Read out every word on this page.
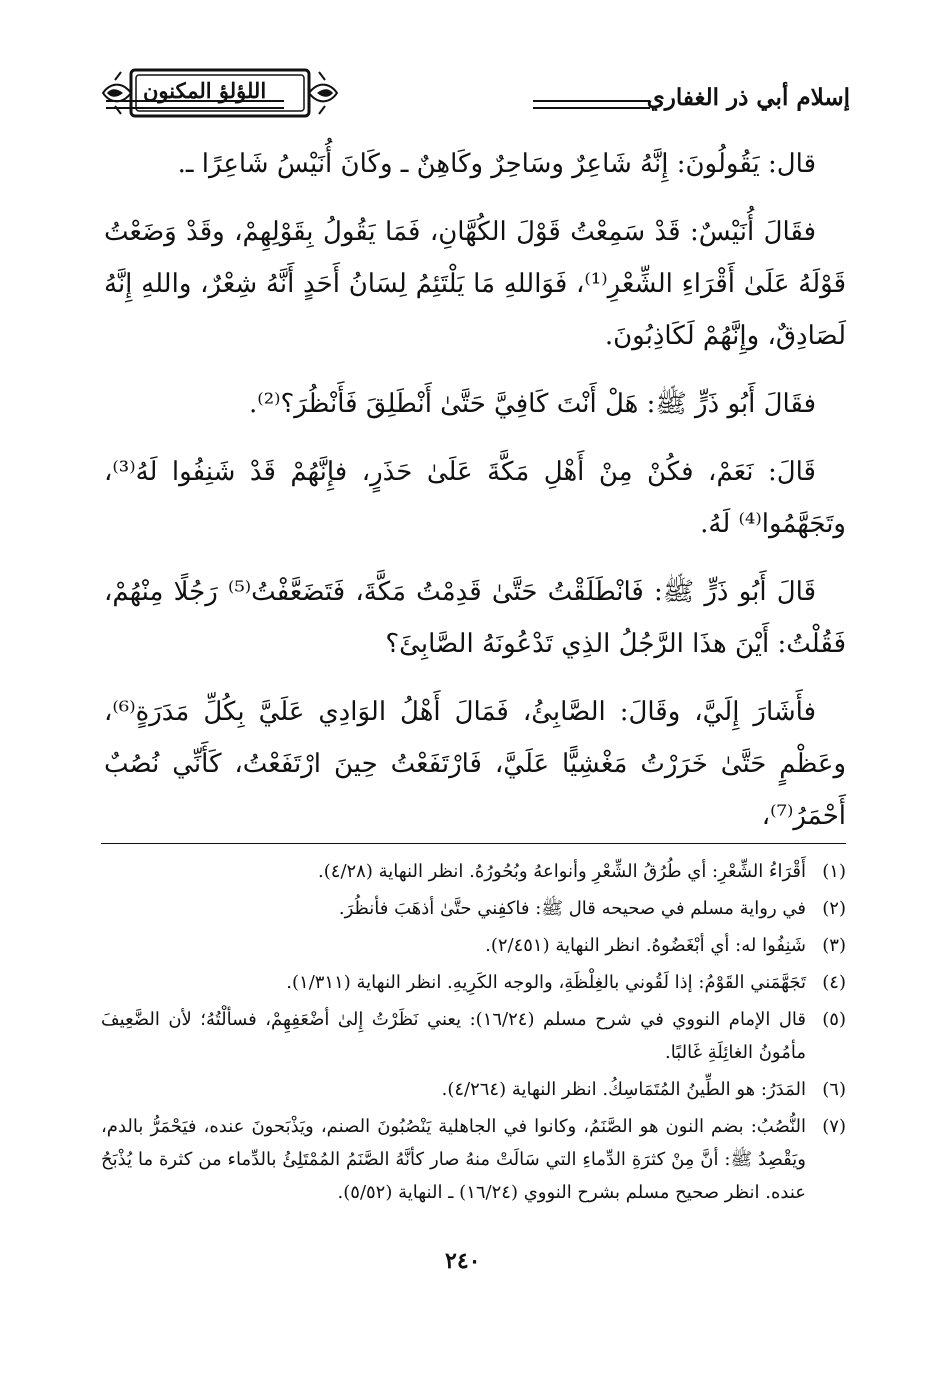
إسلام أبي ذر الغفاري
اللؤلؤ المكنون

قال: يَقُولُونَ: إِنَّهُ شَاعِرٌ وسَاحِرٌ وكَاهِنٌ ـ وكَانَ أُنَيْسُ شَاعِرًا ـ.

فقَالَ أُنَيْسٌ: قَدْ سَمِعْتُ قَوْلَ الكُهَّانِ، فَمَا يَقُولُ بِقَوْلِهِمْ، وقَدْ وَضَعْتُ قَوْلَهُ عَلَىٰ أَقْرَاءِ الشِّعْرِ⁽¹⁾، فَوَاللهِ مَا يَلْتَئِمُ لِسَانُ أَحَدٍ أَنَّهُ شِعْرٌ، واللهِ إِنَّهُ لَصَادِقٌ، وإِنَّهُمْ لَكَاذِبُونَ.

فقَالَ أَبُو ذَرٍّ ﷺ: هَلْ أَنْتَ كَافِيَّ حَتَّىٰ أَنْطَلِقَ فَأَنْظُرَ؟⁽²⁾.

قَالَ: نَعَمْ، فكُنْ مِنْ أَهْلِ مَكَّةَ عَلَىٰ حَذَرٍ، فإِنَّهُمْ قَدْ شَنِفُوا لَهُ⁽³⁾، وتَجَهَّمُوا⁽⁴⁾ لَهُ.

قَالَ أَبُو ذَرٍّ ﷺ: فَانْطَلَقْتُ حَتَّىٰ قَدِمْتُ مَكَّةَ، فَتَضَعَّفْتُ⁽⁵⁾ رَجُلًا مِنْهُمْ، فَقُلْتُ: أَيْنَ هذَا الرَّجُلُ الذِي تَدْعُونَهُ الصَّابِئَ؟

فأَشَارَ إِلَيَّ، وقَالَ: الصَّابِئُ، فَمَالَ أَهْلُ الوَادِي عَلَيَّ بِكُلِّ مَدَرَةٍ⁽⁶⁾، وعَظْمٍ حَتَّىٰ خَرَرْتُ مَغْشِيًّا عَلَيَّ، فَارْتَفَعْتُ حِينَ ارْتَفَعْتُ، كَأَنِّي نُصُبٌ أَحْمَرُ⁽⁷⁾،

(١)
أَقْرَاءُ الشِّعْرِ: أي طُرُقُ الشِّعْرِ وأنواعهُ وبُحُورُهُ. انظر النهاية (٤/٢٨).
(٢)
في رواية مسلم في صحيحه قال ﷺ: فاكفِني حتَّىٰ أذهَبَ فأنظُرَ.
(٣)
شَنِفُوا له: أي أبْغَضُوهُ. انظر النهاية (٢/٤٥١).
(٤)
تَجَهَّمَني القَوْمُ: إذا لَقُوني بالغِلْظَةِ، والوجه الكَرِيهِ. انظر النهاية (١/٣١١).
(٥)
قال الإمام النووي في شرح مسلم (١٦/٢٤): يعني نَظَرْتُ إِلىٰ أضْعَفِهِمْ، فسألْتُهُ؛ لأن الضَّعِيفَ مأمُونُ الغائِلَةِ غَالبًا.
(٦)
المَدَرُ: هو الطِّينُ المُتَمَاسِكُ. انظر النهاية (٤/٢٦٤).
(٧)
النُّصُبُ: بضم النون هو الصَّنَمُ، وكانوا في الجاهلية يَنْصُبُونَ الصنم، ويَذْبَحونَ عنده، فيَحْمَرُّ بالدم، ويَقْصِدُ ﷺ: أنَّ مِنْ كثرَةِ الدِّماءِ التي سَالَتْ منهُ صار كأنَّهُ الصَّنَمُ المُمْتَلِئُ بالدِّماء من كثرة ما يُذْبَحُ عنده. انظر صحيح مسلم بشرح النووي (١٦/٢٤) ـ النهاية (٥/٥٢).
٢٤٠
